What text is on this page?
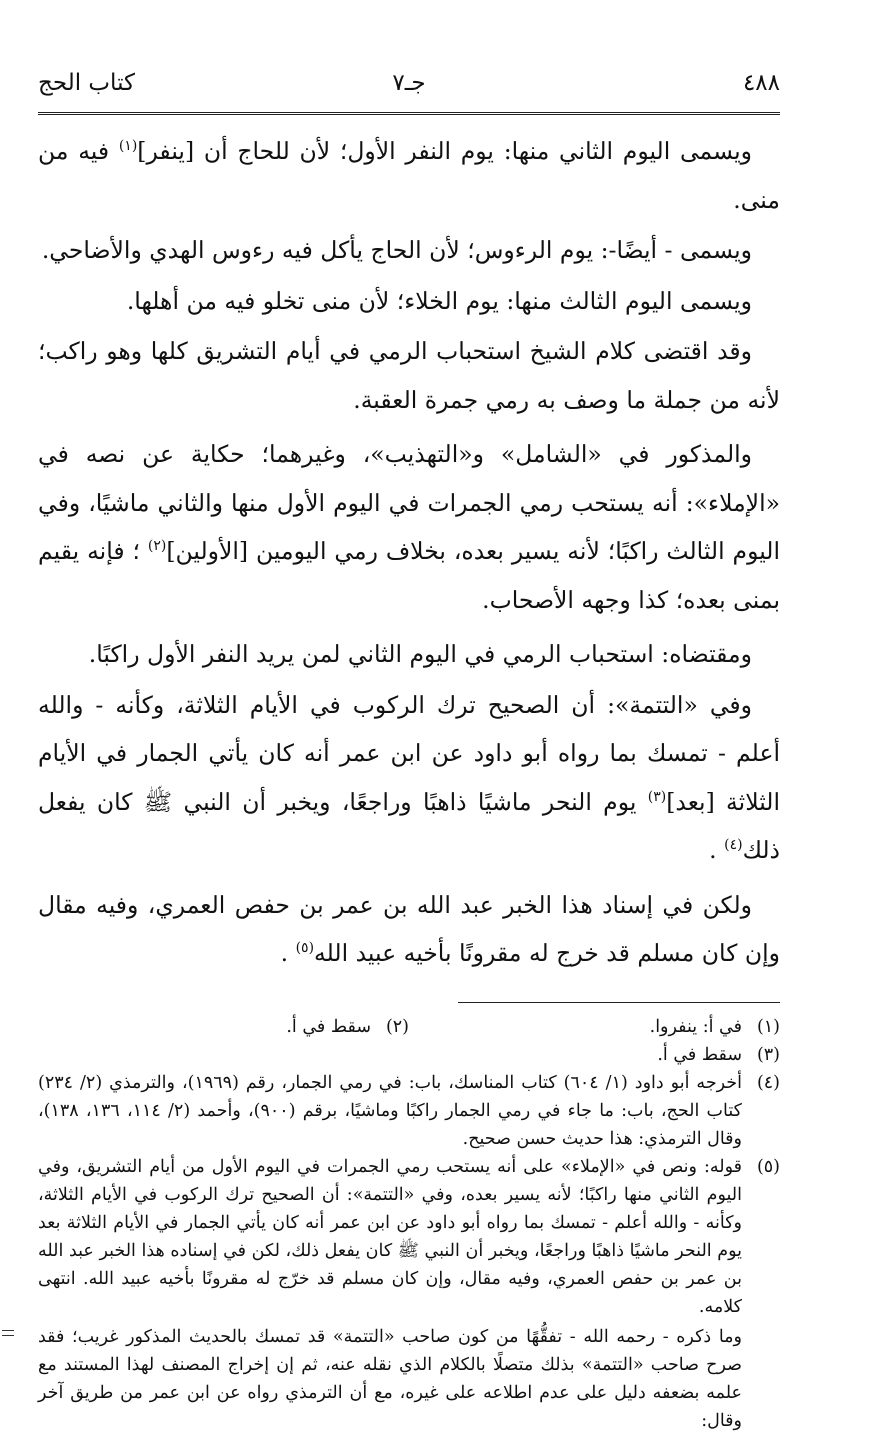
٤٨٨
جـ٧
كتاب الحج

ويسمى اليوم الثاني منها: يوم النفر الأول؛ لأن للحاج أن [ينفر]$^{(١)}$ فيه من منى.

ويسمى - أيضًا-: يوم الرءوس؛ لأن الحاج يأكل فيه رءوس الهدي والأضاحي.

ويسمى اليوم الثالث منها: يوم الخلاء؛ لأن منى تخلو فيه من أهلها.

وقد اقتضى كلام الشيخ استحباب الرمي في أيام التشريق كلها وهو راكب؛ لأنه من جملة ما وصف به رمي جمرة العقبة.

والمذكور في «الشامل» و«التهذيب»، وغيرهما؛ حكاية عن نصه في «الإملاء»: أنه يستحب رمي الجمرات في اليوم الأول منها والثاني ماشيًا، وفي اليوم الثالث راكبًا؛ لأنه يسير بعده، بخلاف رمي اليومين [الأولين]$^{(٢)}$ ؛ فإنه يقيم بمنى بعده؛ كذا وجهه الأصحاب.

ومقتضاه: استحباب الرمي في اليوم الثاني لمن يريد النفر الأول راكبًا.

وفي «التتمة»: أن الصحيح ترك الركوب في الأيام الثلاثة، وكأنه - والله أعلم - تمسك بما رواه أبو داود عن ابن عمر أنه كان يأتي الجمار في الأيام الثلاثة [بعد]$^{(٣)}$ يوم النحر ماشيًا ذاهبًا وراجعًا، ويخبر أن النبي ﷺ كان يفعل ذلك$^{(٤)}$ .

ولكن في إسناد هذا الخبر عبد الله بن عمر بن حفص العمري، وفيه مقال وإن كان مسلم قد خرج له مقرونًا بأخيه عبيد الله$^{(٥)}$ .

(١)
في أ: ينفروا.
(٢)
سقط في أ.
(٣)
سقط في أ.
(٤)
أخرجه أبو داود (١/ ٦٠٤) كتاب المناسك، باب: في رمي الجمار، رقم (١٩٦٩)، والترمذي (٢/ ٢٣٤) كتاب الحج، باب: ما جاء في رمي الجمار راكبًا وماشيًا، برقم (٩٠٠)، وأحمد (٢/ ١١٤، ١٣٦، ١٣٨)، وقال الترمذي: هذا حديث حسن صحيح.
(٥)
قوله: ونص في «الإملاء» على أنه يستحب رمي الجمرات في اليوم الأول من أيام التشريق، وفي اليوم الثاني منها راكبًا؛ لأنه يسير بعده، وفي «التتمة»: أن الصحيح ترك الركوب في الأيام الثلاثة، وكأنه - والله أعلم - تمسك بما رواه أبو داود عن ابن عمر أنه كان يأتي الجمار في الأيام الثلاثة بعد يوم النحر ماشيًا ذاهبًا وراجعًا، ويخبر أن النبي ﷺ كان يفعل ذلك، لكن في إسناده هذا الخبر عبد الله بن عمر بن حفص العمري، وفيه مقال، وإن كان مسلم قد خرّج له مقرونًا بأخيه عبيد الله. انتهى كلامه.
وما ذكره - رحمه الله - تفقُّهًا من كون صاحب «التتمة» قد تمسك بالحديث المذكور غريب؛ فقد صرح صاحب «التتمة» بذلك متصلًا بالكلام الذي نقله عنه، ثم إن إخراج المصنف لهذا المستند مع علمه بضعفه دليل على عدم اطلاعه على غيره، مع أن الترمذي رواه عن ابن عمر من طريق آخر وقال:
